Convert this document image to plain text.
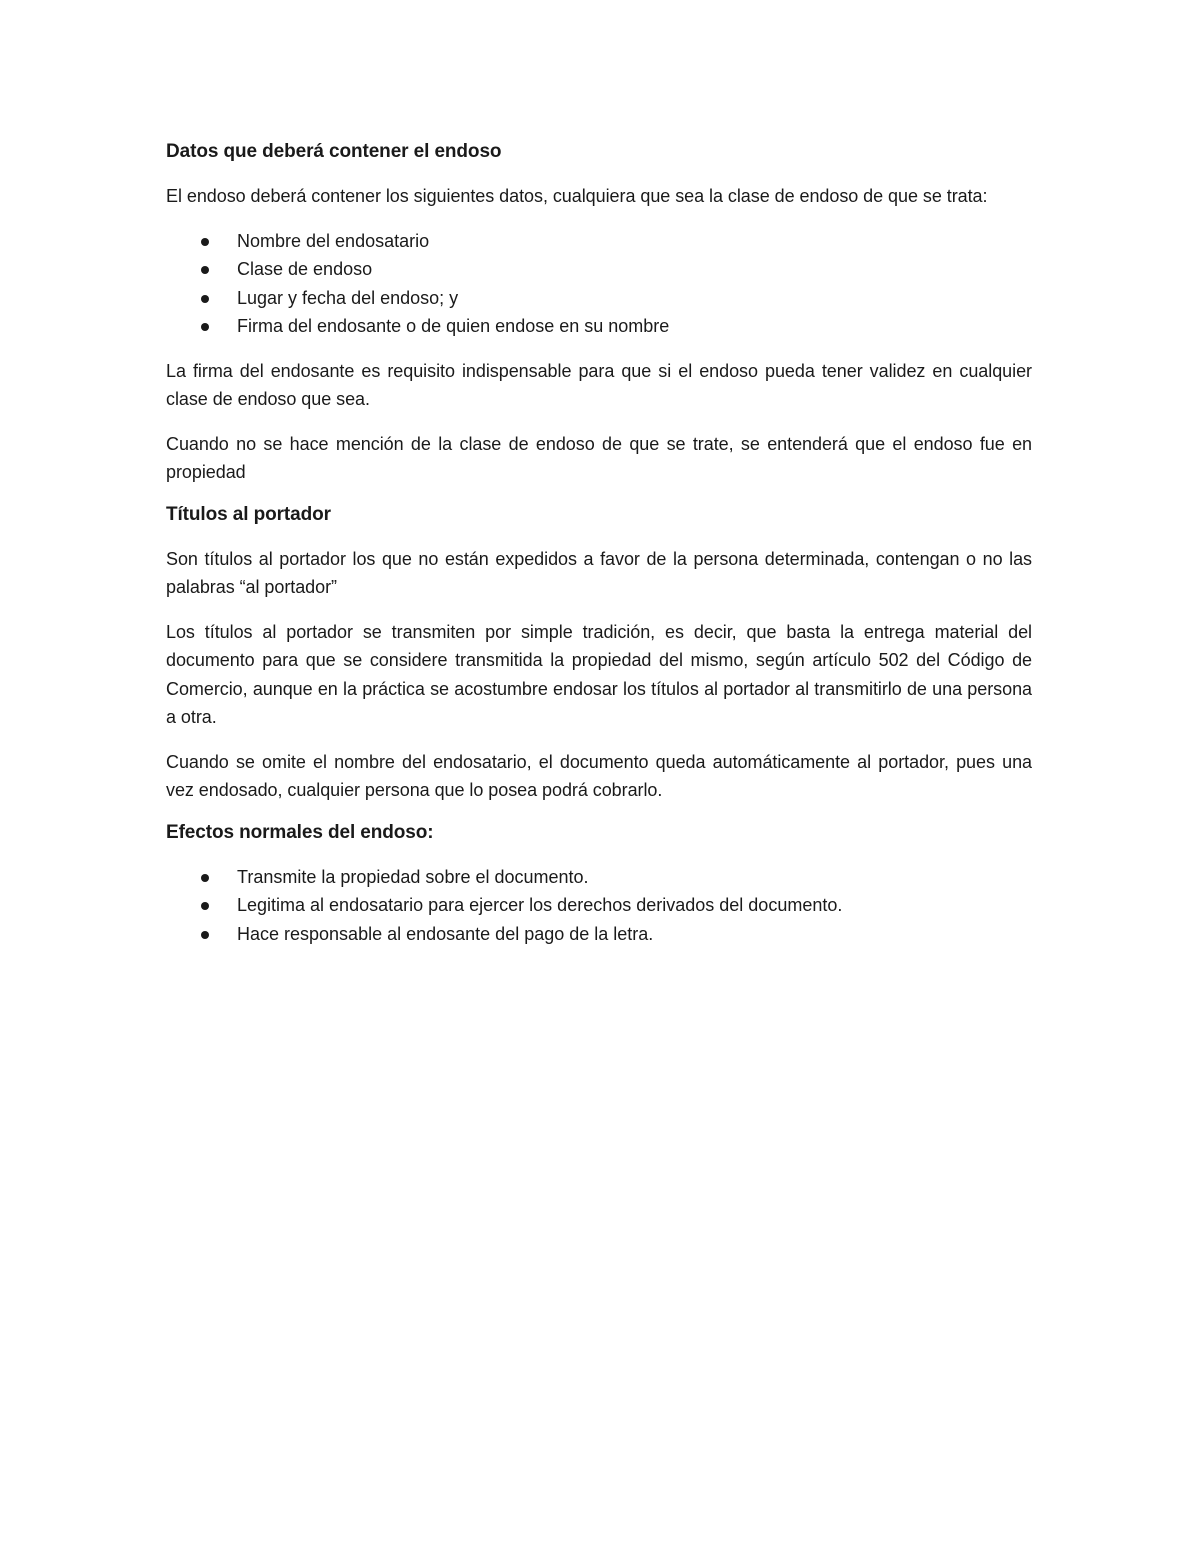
Datos que deberá contener el endoso

El endoso deberá contener los siguientes datos, cualquiera que sea la clase de endoso de que se trata:

Nombre del endosatario
Clase de endoso
Lugar y fecha del endoso; y
Firma del endosante o de quien endose en su nombre

La firma del endosante es requisito indispensable para que si el endoso pueda tener validez en cualquier clase de endoso que sea.

Cuando no se hace mención de la clase de endoso de que se trate, se entenderá que el endoso fue en propiedad

Títulos al portador

Son títulos al portador los que no están expedidos a favor de la persona determinada, contengan o no las palabras “al portador”

Los títulos al portador se transmiten por simple tradición, es decir, que basta la entrega material del documento para que se considere transmitida la propiedad del mismo, según artículo 502 del Código de Comercio, aunque en la práctica se acostumbre endosar los títulos al portador al transmitirlo de una persona a otra.

Cuando se omite el nombre del endosatario, el documento queda automáticamente al portador, pues una vez endosado, cualquier persona que lo posea podrá cobrarlo.

Efectos normales del endoso:
Transmite la propiedad sobre el documento.
Legitima al endosatario para ejercer los derechos derivados del documento.
Hace responsable al endosante del pago de la letra.
